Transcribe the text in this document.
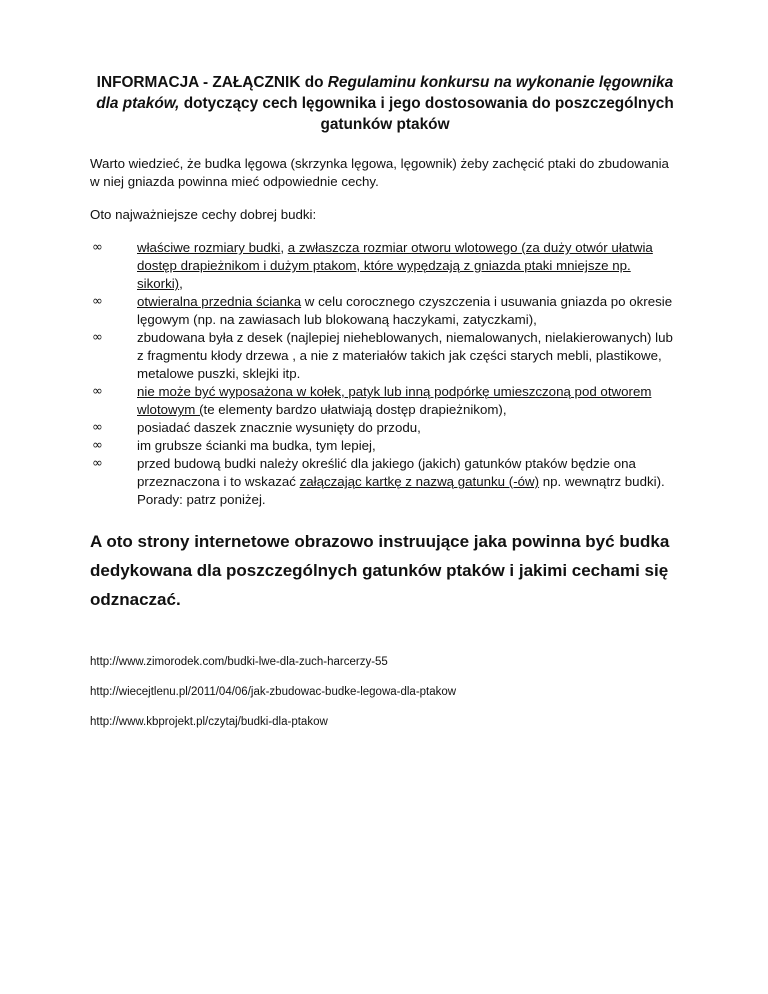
INFORMACJA - ZAŁĄCZNIK do Regulaminu konkursu na wykonanie lęgownika dla ptaków, dotyczący cech lęgownika i jego dostosowania do poszczególnych gatunków ptaków

Warto wiedzieć, że budka lęgowa (skrzynka lęgowa, lęgownik) żeby zachęcić ptaki do zbudowania w niej gniazda powinna mieć odpowiednie cechy.

Oto najważniejsze cechy dobrej budki:

∞	właściwe rozmiary budki, a zwłaszcza rozmiar otworu wlotowego (za duży otwór ułatwia dostęp drapieżnikom i dużym ptakom, które wypędzają z gniazda ptaki mniejsze np. sikorki),
∞	otwieralna przednia ścianka w celu corocznego czyszczenia i usuwania gniazda po okresie lęgowym (np. na zawiasach lub blokowaną haczykami, zatyczkami),
∞	zbudowana była z desek (najlepiej nieheblowanych, niemalowanych, nielakierowanych) lub z fragmentu kłody drzewa , a nie z materiałów takich jak części starych mebli, plastikowe, metalowe puszki, sklejki itp.
∞	nie może być wyposażona w kołek, patyk lub inną podpórkę umieszczoną pod otworem wlotowym (te elementy bardzo ułatwiają dostęp drapieżnikom),
∞	posiadać daszek znacznie wysunięty do przodu,
∞	im grubsze ścianki ma budka, tym lepiej,
∞	przed budową budki należy określić dla jakiego (jakich) gatunków ptaków będzie ona przeznaczona i to wskazać załączając kartkę z nazwą gatunku (-ów) np. wewnątrz budki). Porady: patrz poniżej.
A oto strony internetowe obrazowo instruujące jaka powinna być budka dedykowana dla poszczególnych gatunków ptaków i jakimi cechami się odznaczać.
http://www.zimorodek.com/budki-lwe-dla-zuch-harcerzy-55
http://wiecejtlenu.pl/2011/04/06/jak-zbudowac-budke-legowa-dla-ptakow
http://www.kbprojekt.pl/czytaj/budki-dla-ptakow
